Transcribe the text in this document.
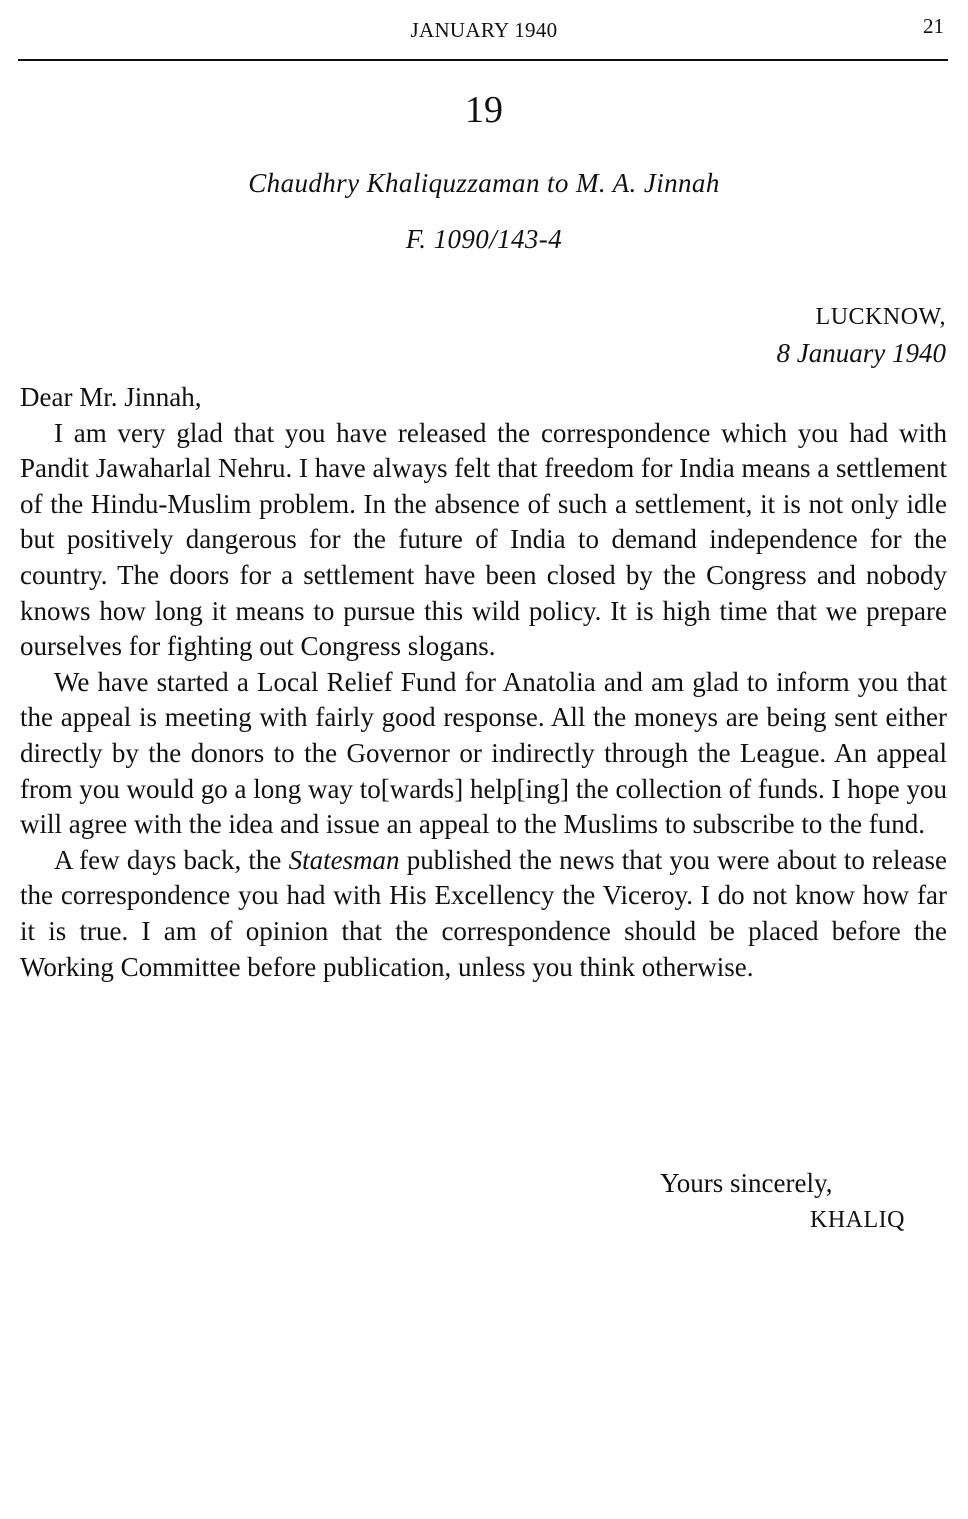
JANUARY 1940	21
19
Chaudhry Khaliquzzaman to M. A. Jinnah
F. 1090/143-4
LUCKNOW,
8 January 1940

Dear Mr. Jinnah,

I am very glad that you have released the correspondence which you had with Pandit Jawaharlal Nehru. I have always felt that freedom for India means a settlement of the Hindu-Muslim problem. In the absence of such a settlement, it is not only idle but positively dangerous for the future of India to demand independence for the country. The doors for a settlement have been closed by the Congress and nobody knows how long it means to pursue this wild policy. It is high time that we prepare ourselves for fighting out Congress slogans.

We have started a Local Relief Fund for Anatolia and am glad to inform you that the appeal is meeting with fairly good response. All the moneys are being sent either directly by the donors to the Governor or indirectly through the League. An appeal from you would go a long way to[wards] help[ing] the collection of funds. I hope you will agree with the idea and issue an appeal to the Muslims to subscribe to the fund.

A few days back, the Statesman published the news that you were about to release the correspondence you had with His Excellency the Viceroy. I do not know how far it is true. I am of opinion that the correspondence should be placed before the Working Committee before publication, unless you think otherwise.

Yours sincerely,
KHALIQ
